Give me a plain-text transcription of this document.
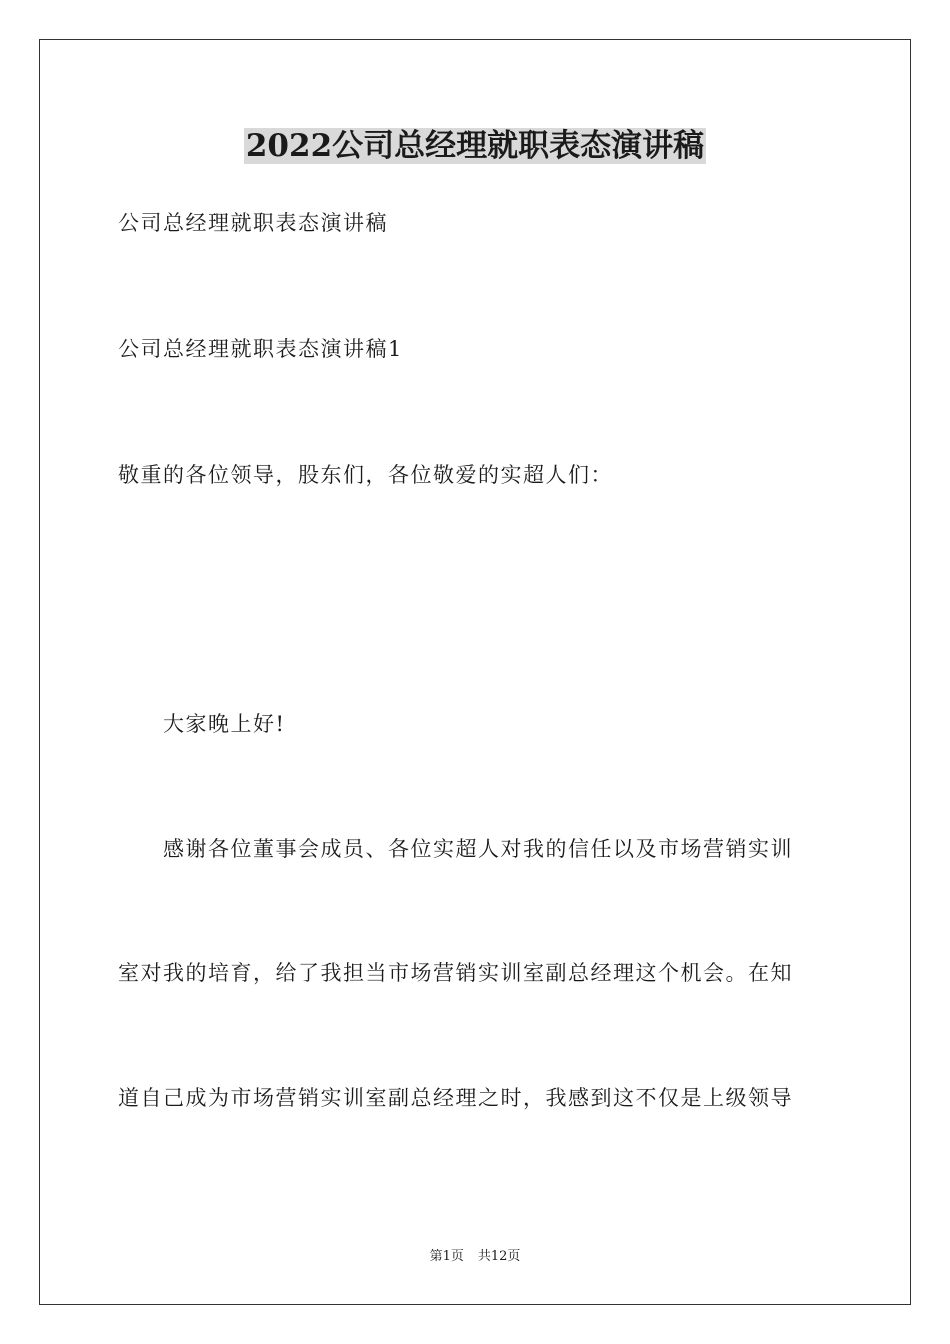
2022公司总经理就职表态演讲稿
公司总经理就职表态演讲稿
公司总经理就职表态演讲稿1
敬重的各位领导，股东们，各位敬爱的实超人们：
大家晚上好!
感谢各位董事会成员、各位实超人对我的信任以及市场营销实训
室对我的培育，给了我担当市场营销实训室副总经理这个机会。在知
道自己成为市场营销实训室副总经理之时，我感到这不仅是上级领导
第1页 共12页
